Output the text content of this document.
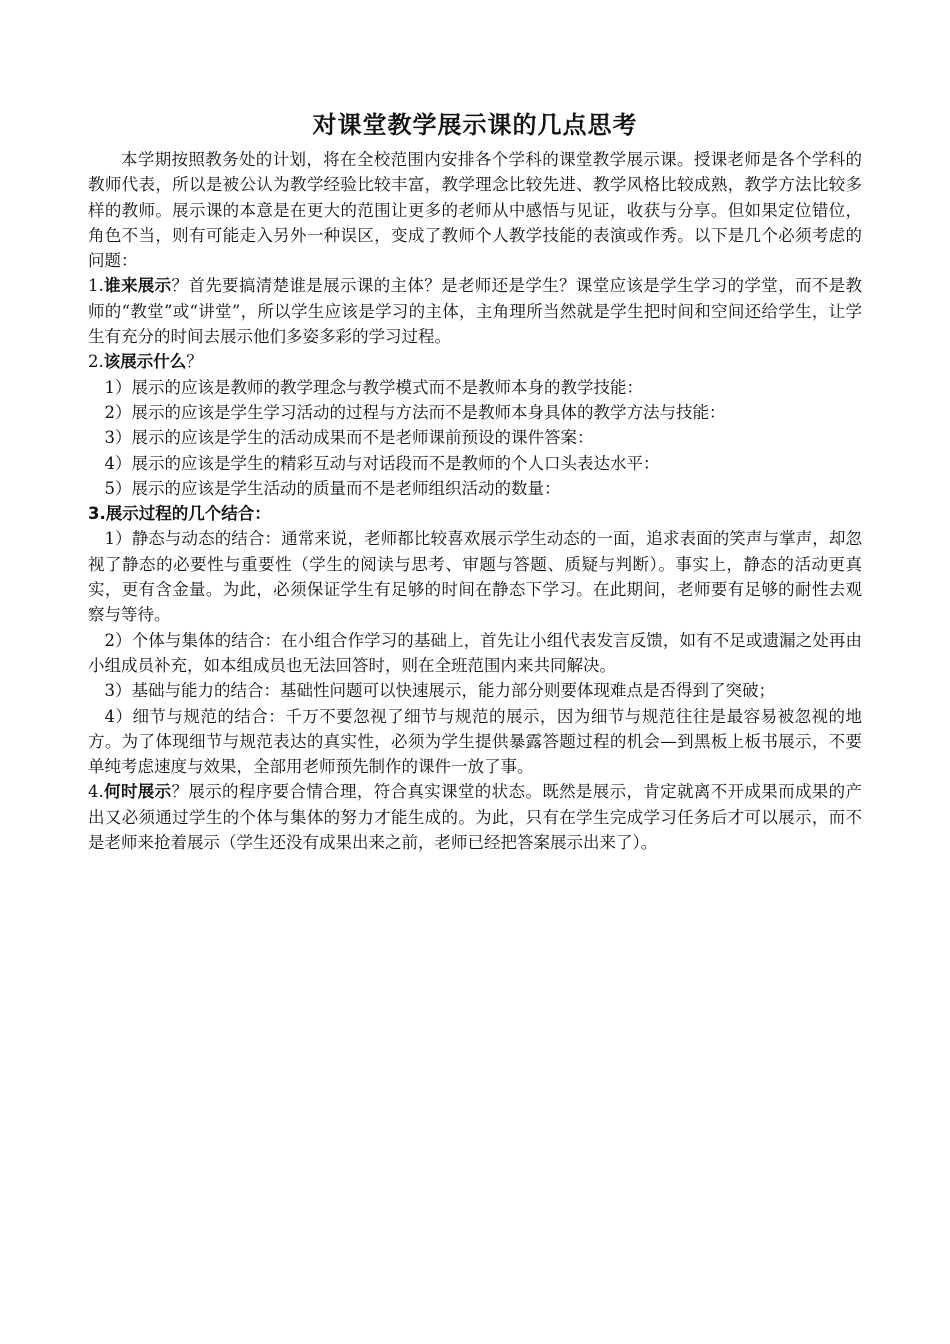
对课堂教学展示课的几点思考

本学期按照教务处的计划，将在全校范围内安排各个学科的课堂教学展示课。授课老师是各个学科的教师代表，所以是被公认为教学经验比较丰富，教学理念比较先进、教学风格比较成熟，教学方法比较多样的教师。展示课的本意是在更大的范围让更多的老师从中感悟与见证，收获与分享。但如果定位错位，角色不当，则有可能走入另外一种误区，变成了教师个人教学技能的表演或作秀。以下是几个必须考虑的问题：

1.谁来展示？首先要搞清楚谁是展示课的主体？是老师还是学生？课堂应该是学生学习的学堂，而不是教师的“教堂”或“讲堂”，所以学生应该是学习的主体，主角理所当然就是学生把时间和空间还给学生，让学生有充分的时间去展示他们多姿多彩的学习过程。

2.该展示什么？

1）展示的应该是教师的教学理念与教学模式而不是教师本身的教学技能：

2）展示的应该是学生学习活动的过程与方法而不是教师本身具体的教学方法与技能：

3）展示的应该是学生的活动成果而不是老师课前预设的课件答案：

4）展示的应该是学生的精彩互动与对话段而不是教师的个人口头表达水平：

5）展示的应该是学生活动的质量而不是老师组织活动的数量：

3.展示过程的几个结合：

1）静态与动态的结合：通常来说，老师都比较喜欢展示学生动态的一面，追求表面的笑声与掌声，却忽视了静态的必要性与重要性（学生的阅读与思考、审题与答题、质疑与判断）。事实上，静态的活动更真实，更有含金量。为此，必须保证学生有足够的时间在静态下学习。在此期间，老师要有足够的耐性去观察与等待。

2）个体与集体的结合：在小组合作学习的基础上，首先让小组代表发言反馈，如有不足或遗漏之处再由小组成员补充，如本组成员也无法回答时，则在全班范围内来共同解决。

3）基础与能力的结合：基础性问题可以快速展示，能力部分则要体现难点是否得到了突破；

4）细节与规范的结合：千万不要忽视了细节与规范的展示，因为细节与规范往往是最容易被忽视的地方。为了体现细节与规范表达的真实性，必须为学生提供暴露答题过程的机会—到黑板上板书展示，不要单纯考虑速度与效果，全部用老师预先制作的课件一放了事。

4.何时展示？展示的程序要合情合理，符合真实课堂的状态。既然是展示，肯定就离不开成果而成果的产出又必须通过学生的个体与集体的努力才能生成的。为此，只有在学生完成学习任务后才可以展示，而不是老师来抢着展示（学生还没有成果出来之前，老师已经把答案展示出来了）。
